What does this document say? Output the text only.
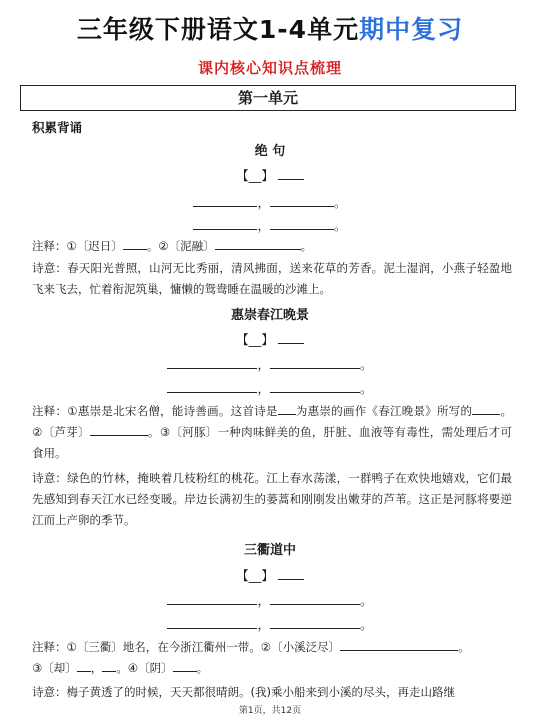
三年级下册语文1-4单元期中复习
课内核心知识点梳理
第一单元
积累背诵
绝 句
【__】
，	。
，	。
注释：①〔迟日〕 。②〔泥融〕	。
诗意：春天阳光普照，山河无比秀丽，清风拂面，送来花草的芳香。泥土湿润，小燕子轻盈地飞来飞去，忙着衔泥筑巢，慵懒的鸳鸯睡在温暖的沙滩上。
惠崇春江晚景
【__】
，	。
，	。
注释：①惠崇是北宋名僧，能诗善画。这首诗是 为惠崇的画作《春江晚景》所写的 。②〔芦芽〕	。③〔河豚〕一种肉味鲜美的鱼，肝脏、血液等有毒性，需处理后才可食用。
诗意：绿色的竹林，掩映着几枝粉红的桃花。江上春水荡漾，一群鸭子在欢快地嬉戏，它们最先感知到春天江水已经变暖。岸边长满初生的蒌蒿和刚刚发出嫩芽的芦苇。这正是河豚将要逆江而上产卵的季节。
三衢道中
【__】
，	。
，	。
注释：①〔三衢〕地名，在今浙江衢州一带。②〔小溪泛尽〕	。
③〔却〕 ， 。④〔阴〕 。
诗意：梅子黄透了的时候，天天都很晴朗。(我)乘小船来到小溪的尽头，再走山路继
第1页，共12页
